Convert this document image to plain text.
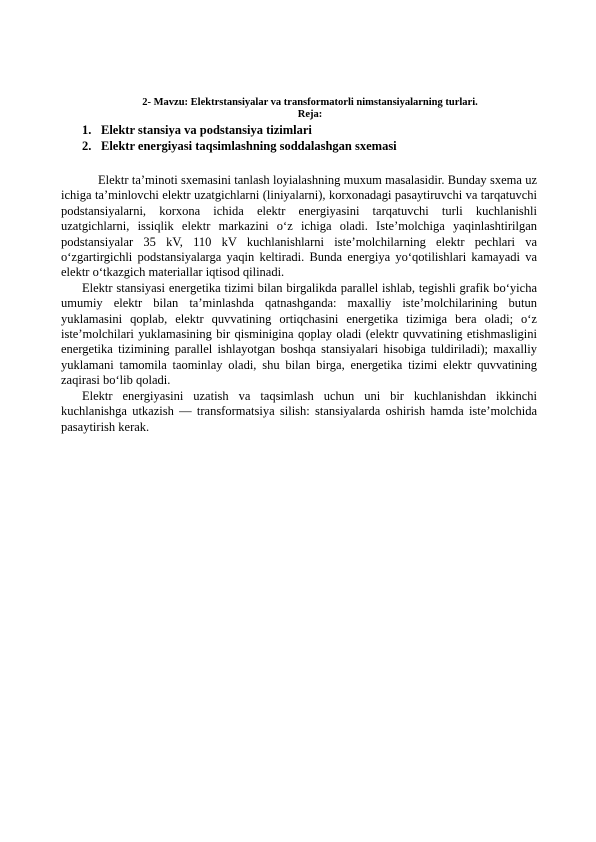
2- Mavzu: Elektrstansiyalar va transformatorli nimstansiyalarning turlari.
Reja:
1. Elektr stansiya va podstansiya tizimlari
2. Elektr energiyasi taqsimlashning soddalashgan sxemasi

Elektr ta’minoti sxemasini tanlash loyialashning muxum masalasidir. Bunday sxema uz ichiga ta’minlovchi elektr uzatgichlarni (liniyalarni), korxonadagi pasaytiruvchi va tarqatuvchi podstansiyalarni, korxona ichida elektr energiyasini tarqatuvchi turli kuchlanishli uzatgichlarni, issiqlik elektr markazini o‘z ichiga oladi. Iste’molchiga yaqinlashtirilgan podstansiyalar 35 kV, 110 kV kuchlanishlarni iste’molchilarning elektr pechlari va o‘zgartirgichli podstansiyalarga yaqin keltiradi. Bunda energiya yo‘qotilishlari kamayadi va elektr o‘tkazgich materiallar iqtisod qilinadi.

Elektr stansiyasi energetika tizimi bilan birgalikda parallel ishlab, tegishli grafik bo‘yicha umumiy elektr bilan ta’minlashda qatnashganda: maxalliy iste’molchilarining butun yuklamasini qoplab, elektr quvvatining ortiqchasini energetika tizimiga bera oladi; o‘z iste’molchilari yuklamasining bir qisminigina qoplay oladi (elektr quvvatining etishmasligini energetika tizimining parallel ishlayotgan boshqa stansiyalari hisobiga tuldiriladi); maxalliy yuklamani tamomila taominlay oladi, shu bilan birga, energetika tizimi elektr quvvatining zaqirasi bo‘lib qoladi.

Elektr energiyasini uzatish va taqsimlash uchun uni bir kuchlanishdan ikkinchi kuchlanishga utkazish — transformatsiya silish: stansiyalarda oshirish hamda iste’molchida pasaytirish kerak.
